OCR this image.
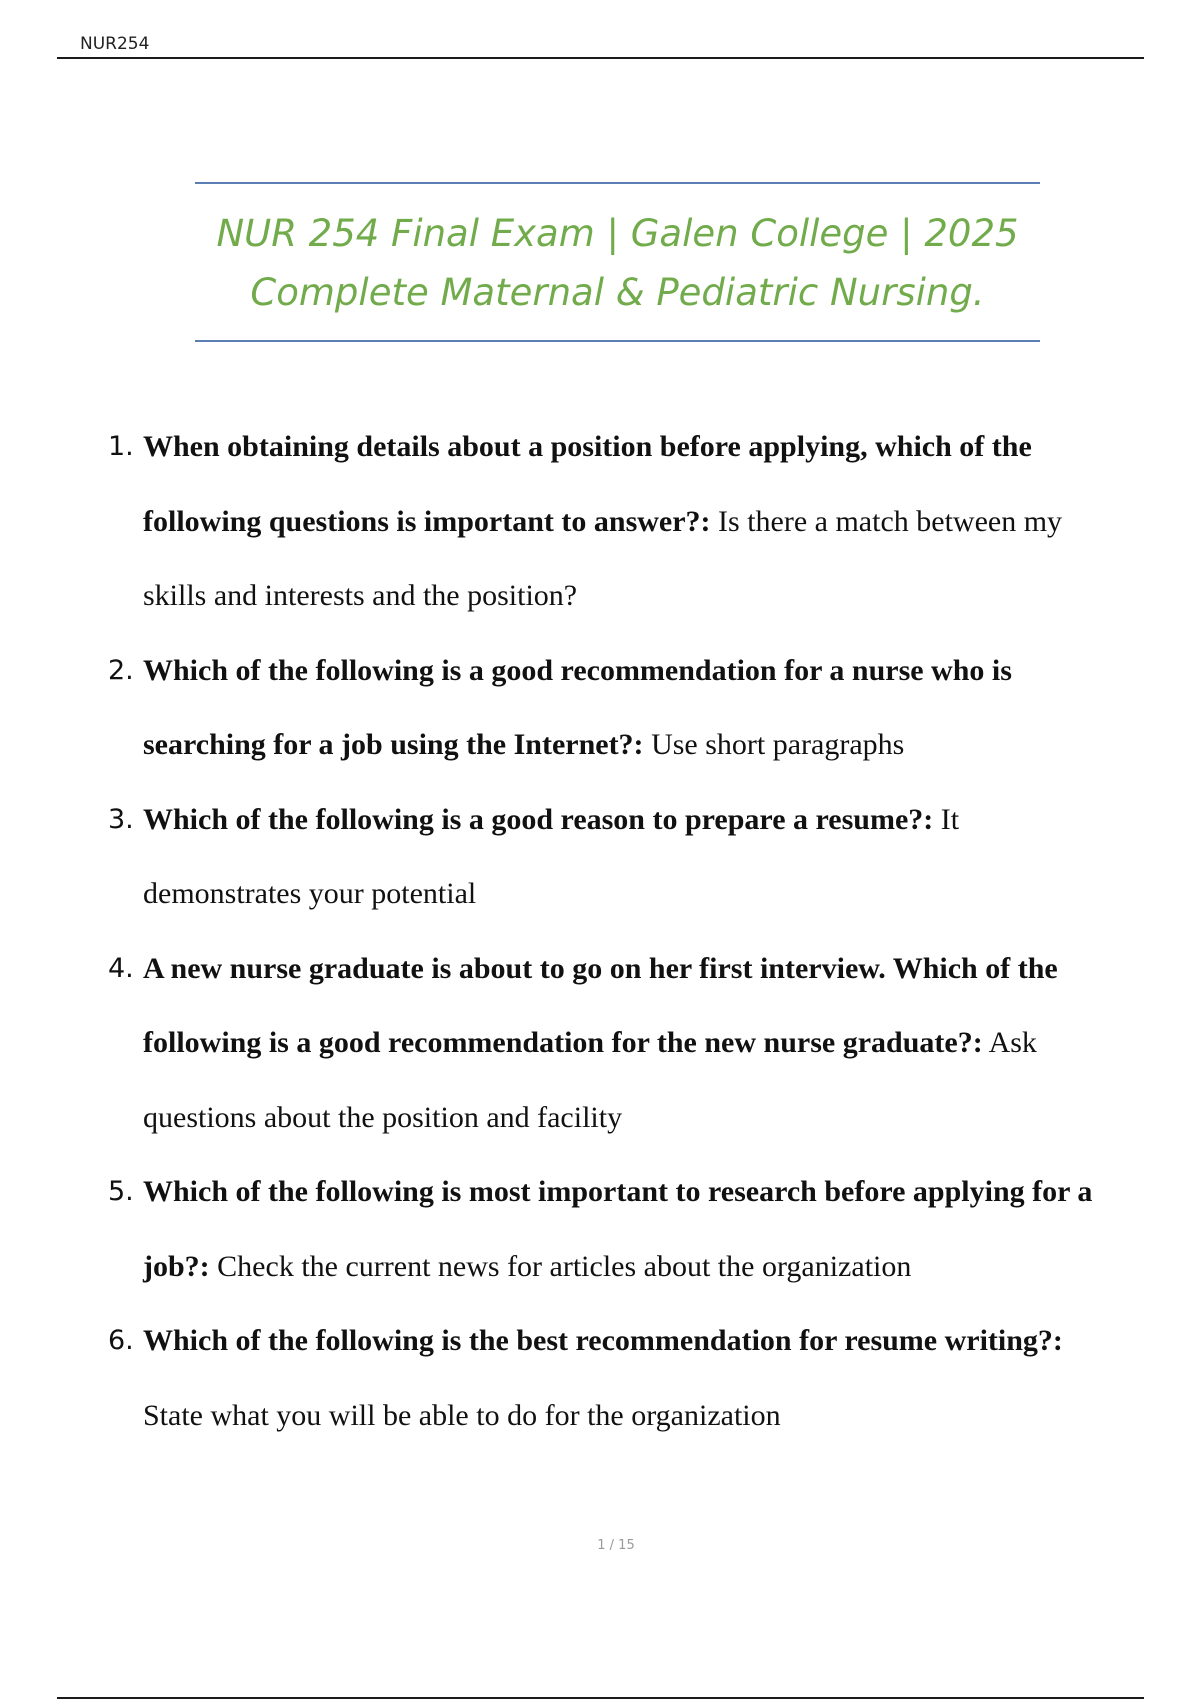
NUR254
NUR 254 Final Exam | Galen College | 2025
Complete Maternal & Pediatric Nursing.
1. When obtaining details about a position before applying, which of the following questions is important to answer?: Is there a match between my skills and interests and the position?
2. Which of the following is a good recommendation for a nurse who is searching for a job using the Internet?: Use short paragraphs
3. Which of the following is a good reason to prepare a resume?: It demonstrates your potential
4. A new nurse graduate is about to go on her first interview. Which of the following is a good recommendation for the new nurse graduate?: Ask questions about the position and facility
5. Which of the following is most important to research before applying for a job?: Check the current news for articles about the organization
6. Which of the following is the best recommendation for resume writing?: State what you will be able to do for the organization
1 / 15
